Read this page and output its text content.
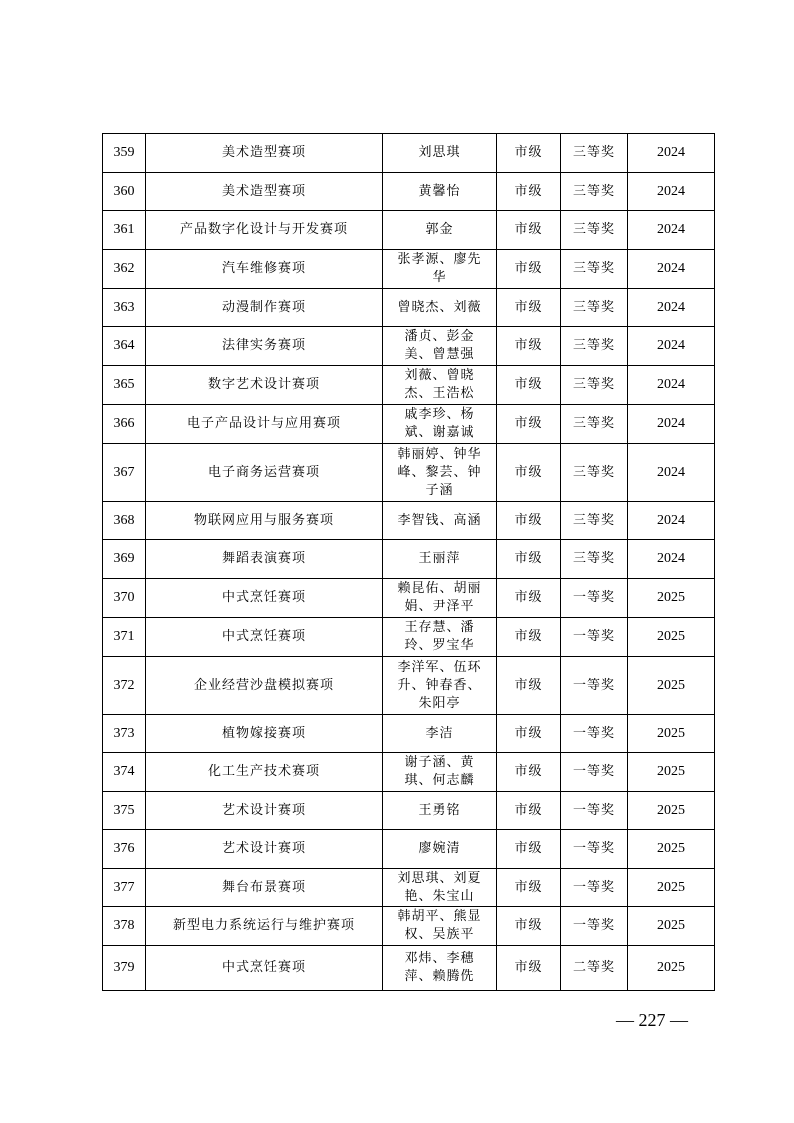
359	美术造型赛项	刘思琪	市级	三等奖	2024
360	美术造型赛项	黄馨怡	市级	三等奖	2024
361	产品数字化设计与开发赛项	郭金	市级	三等奖	2024
362	汽车维修赛项	张孝源、廖先华	市级	三等奖	2024
363	动漫制作赛项	曾晓杰、刘薇	市级	三等奖	2024
364	法律实务赛项	潘贞、彭金美、曾慧强	市级	三等奖	2024
365	数字艺术设计赛项	刘薇、曾晓杰、王浩松	市级	三等奖	2024
366	电子产品设计与应用赛项	戚李珍、杨斌、谢嘉诚	市级	三等奖	2024
367	电子商务运营赛项	韩丽婷、钟华峰、黎芸、钟子涵	市级	三等奖	2024
368	物联网应用与服务赛项	李智钱、高涵	市级	三等奖	2024
369	舞蹈表演赛项	王丽萍	市级	三等奖	2024
370	中式烹饪赛项	赖昆佑、胡丽娟、尹泽平	市级	一等奖	2025
371	中式烹饪赛项	王存慧、潘玲、罗宝华	市级	一等奖	2025
372	企业经营沙盘模拟赛项	李洋军、伍环升、钟春香、朱阳亭	市级	一等奖	2025
373	植物嫁接赛项	李洁	市级	一等奖	2025
374	化工生产技术赛项	谢子涵、黄琪、何志麟	市级	一等奖	2025
375	艺术设计赛项	王勇铭	市级	一等奖	2025
376	艺术设计赛项	廖婉清	市级	一等奖	2025
377	舞台布景赛项	刘思琪、刘夏艳、朱宝山	市级	一等奖	2025
378	新型电力系统运行与维护赛项	韩胡平、熊显权、吴族平	市级	一等奖	2025
379	中式烹饪赛项	邓炜、李穗萍、赖腾侁	市级	二等奖	2025
— 227 —
